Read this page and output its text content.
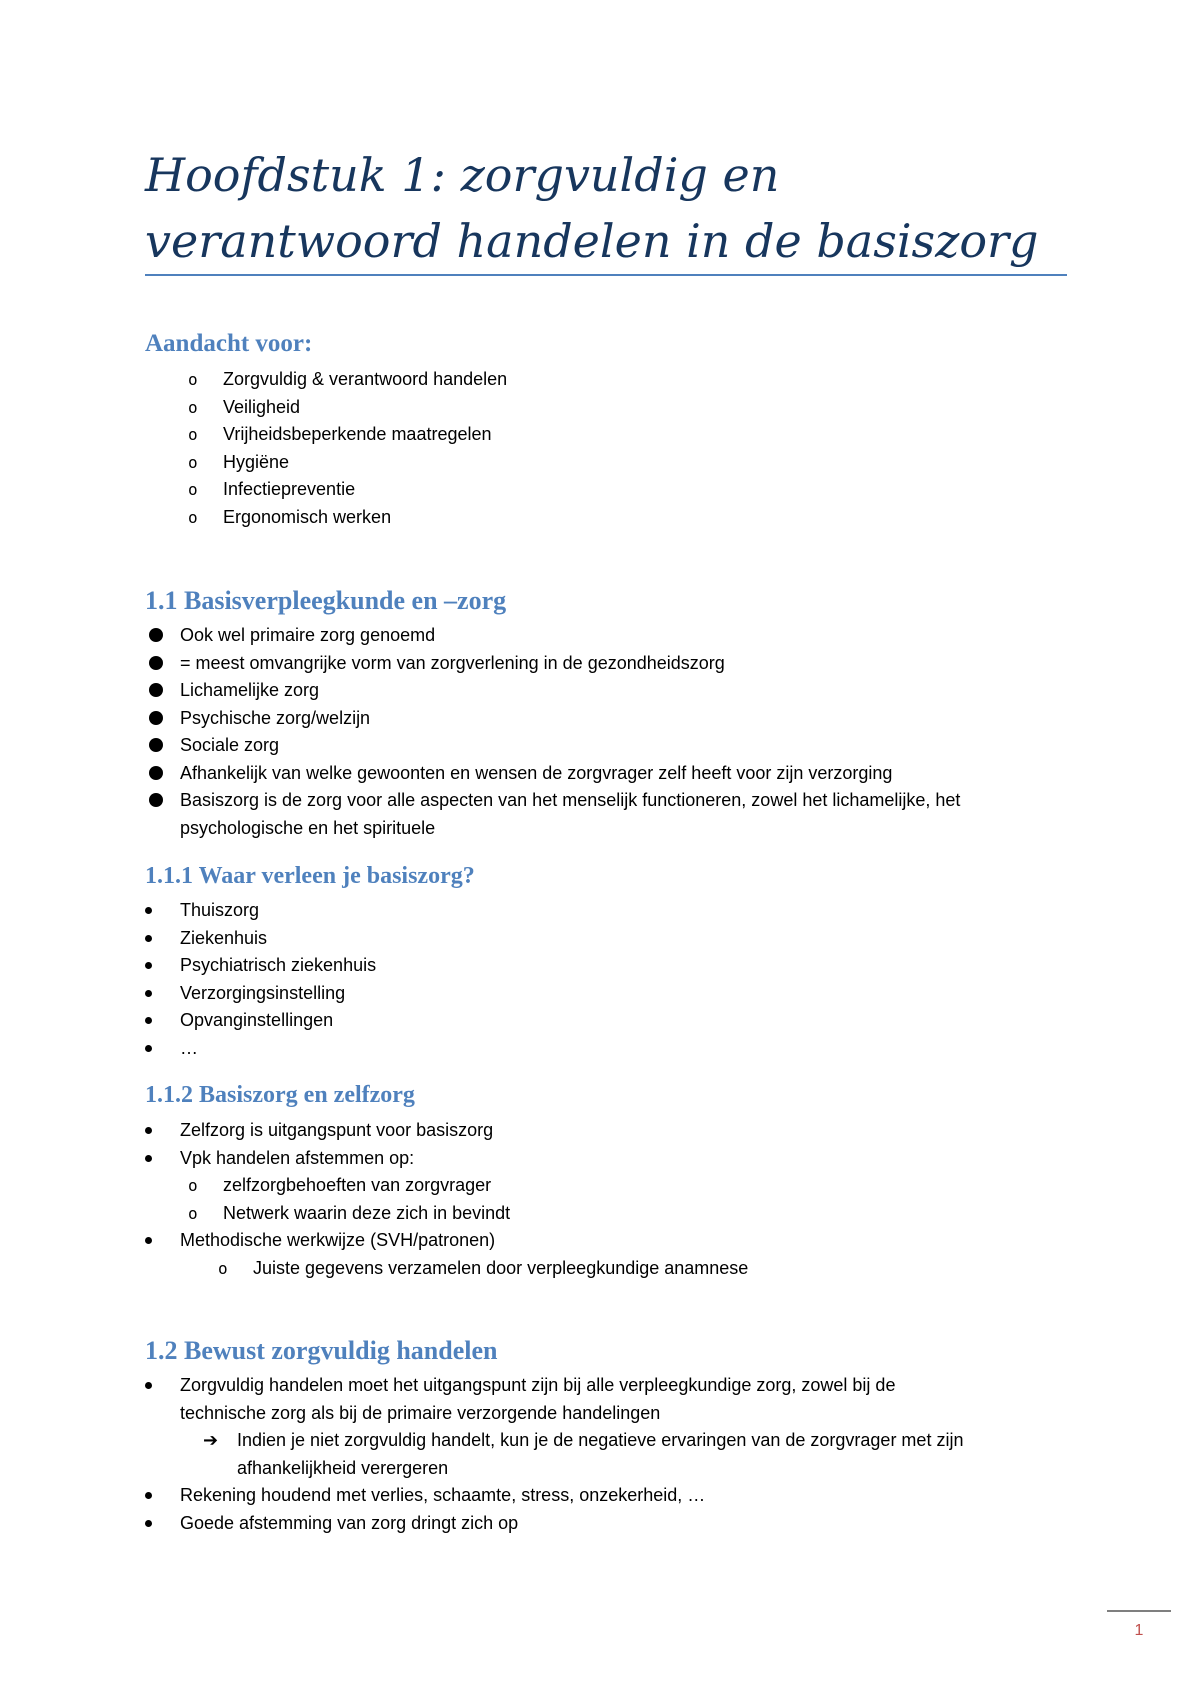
Hoofdstuk 1: zorgvuldig en verantwoord handelen in de basiszorg
Aandacht voor:
o Zorgvuldig & verantwoord handelen
o Veiligheid
o Vrijheidsbeperkende maatregelen
o Hygiëne
o Infectiepreventie
o Ergonomisch werken
1.1 Basisverpleegkunde en –zorg
Ook wel primaire zorg genoemd
= meest omvangrijke vorm van zorgverlening in de gezondheidszorg
Lichamelijke zorg
Psychische zorg/welzijn
Sociale zorg
Afhankelijk van welke gewoonten en wensen de zorgvrager zelf heeft voor zijn verzorging
Basiszorg is de zorg voor alle aspecten van het menselijk functioneren, zowel het lichamelijke, het psychologische en het spirituele
1.1.1 Waar verleen je basiszorg?
Thuiszorg
Ziekenhuis
Psychiatrisch ziekenhuis
Verzorgingsinstelling
Opvanginstellingen
…
1.1.2 Basiszorg en zelfzorg
Zelfzorg is uitgangspunt voor basiszorg
Vpk handelen afstemmen op:
o zelfzorgbehoeften van zorgvrager
o Netwerk waarin deze zich in bevindt
Methodische werkwijze (SVH/patronen)
o Juiste gegevens verzamelen door verpleegkundige anamnese
1.2 Bewust zorgvuldig handelen
Zorgvuldig handelen moet het uitgangspunt zijn bij alle verpleegkundige zorg, zowel bij de
technische zorg als bij de primaire verzorgende handelingen
➔ Indien je niet zorgvuldig handelt, kun je de negatieve ervaringen van de zorgvrager met zijn
afhankelijkheid verergeren
Rekening houdend met verlies, schaamte, stress, onzekerheid, …
Goede afstemming van zorg dringt zich op
1
